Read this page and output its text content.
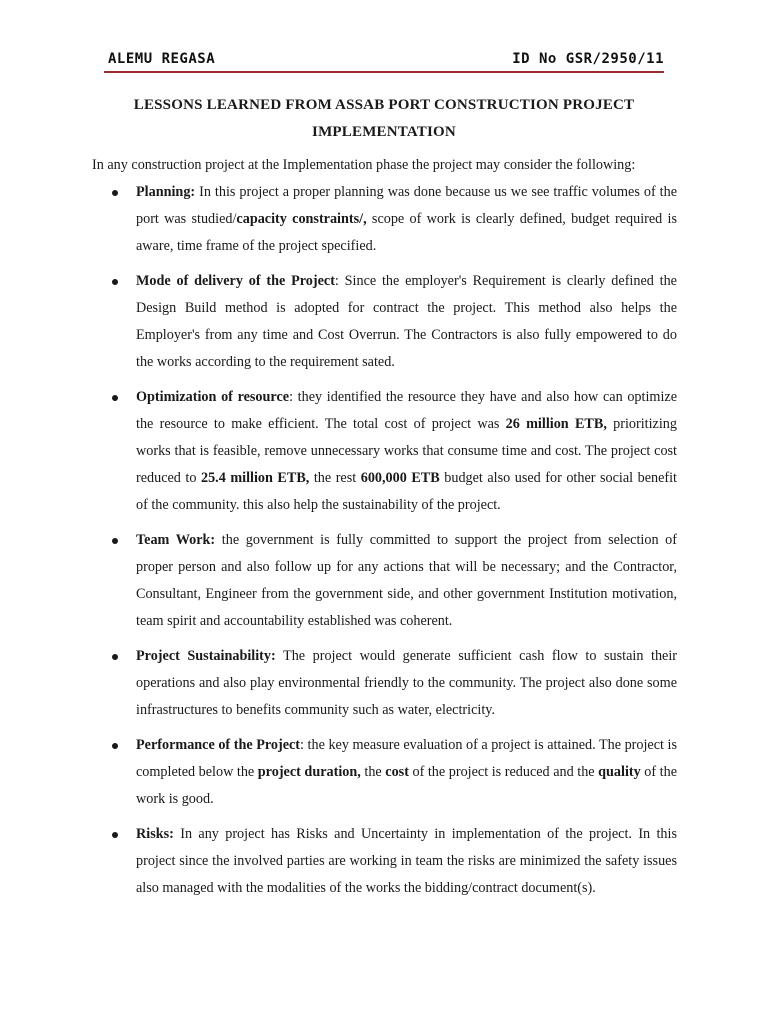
ALEMU REGASA	ID No GSR/2950/11
LESSONS LEARNED FROM ASSAB PORT CONSTRUCTION PROJECT
IMPLEMENTATION
In any construction project at the Implementation phase the project may consider the following:
Planning: In this project a proper planning was done because us we see traffic volumes of the port was studied/capacity constraints/, scope of work is clearly defined, budget required is aware, time frame of the project specified.
Mode of delivery of the Project: Since the employer's Requirement is clearly defined the Design Build method is adopted for contract the project. This method also helps the Employer's from any time and Cost Overrun. The Contractors is also fully empowered to do the works according to the requirement sated.
Optimization of resource: they identified the resource they have and also how can optimize the resource to make efficient. The total cost of project was 26 million ETB, prioritizing works that is feasible, remove unnecessary works that consume time and cost. The project cost reduced to 25.4 million ETB, the rest 600,000 ETB budget also used for other social benefit of the community. this also help the sustainability of the project.
Team Work: the government is fully committed to support the project from selection of proper person and also follow up for any actions that will be necessary; and the Contractor, Consultant, Engineer from the government side, and other government Institution motivation, team spirit and accountability established was coherent.
Project Sustainability: The project would generate sufficient cash flow to sustain their operations and also play environmental friendly to the community. The project also done some infrastructures to benefits community such as water, electricity.
Performance of the Project: the key measure evaluation of a project is attained. The project is completed below the project duration, the cost of the project is reduced and the quality of the work is good.
Risks: In any project has Risks and Uncertainty in implementation of the project. In this project since the involved parties are working in team the risks are minimized the safety issues also managed with the modalities of the works the bidding/contract document(s).
